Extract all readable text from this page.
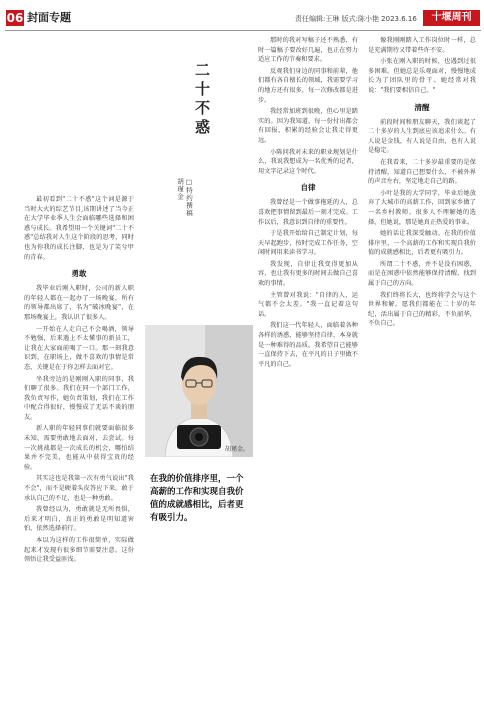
06 封面专题	责任编辑:王琳 版式:陈小艳 2023.6.16	十堰周刊

最初看到"二十不惑"这个词是源于当时大火的综艺节目,该期讲述了当今正在大学毕业季人生会面临哪些选择和困惑与成长。我希望用一个关键词"二十不惑"总结我对人生这个阶段的思考，同时也为你我的成长注脚，也是为了笑兮甲的青春。

勇敢

我毕业后刚入职时，公司的新人职的年轻人都在一起办了一场晚宴，所有的领导都出席了，名为"破冰晚宴"，在那场晚宴上，我认识了很多人。

一开始在人走自己不会喝酒，领导不勉强，后来遇上不太懂事的新员工，让我在大家面前喝了一口。那一刻我意识到，在职场上，做不喜欢的事情是常态，关键是在于你怎样去面对它。

坐我旁边的是刚刚入职的同事，我们聊了很多。我们在同一个部门工作，我负责写作，她负责策划，我们在工作中配合得很好，慢慢成了无话不谈的朋友。

新人职的年轻同事们就要面临很多未知，需要勇敢地去面对，去尝试。每一次挑战都是一次成长的机会，哪怕结果并不完美，也能从中获得宝贵的经验。

其实这也是我第一次有勇气说出"我不会"，而不是硬着头皮答应下来。敢于承认自己的不足，也是一种勇敢。

我曾经以为，勇敢就是无所畏惧，后来才明白，真正的勇敢是明知道害怕，依然选择前行。

本以为这样的工作很简单，实际做起来才发现有很多细节需要注意。这份领悟让我受益匪浅。

二十不惑
□特约撰稿
胡瑾金
胡瑾金。
在我的价值排序里，一个高薪的工作和实现自我价值的成就感相比，后者更有吸引力。

那时的我对写稿子还不熟悉，有时一篇稿子要改好几遍，也正在努力适应工作的节奏和要求。

反观我们身边的同事和前辈，他们都有各自擅长的领域，我需要学习的地方还有很多，每一次修改都是进步。

我经常加班到很晚，但心里是踏实的。因为我知道，每一份付出都会有回报，积累的经验会让我走得更远。

小陈问我对未来的职业规划是什么，我说我想成为一名优秀的记者，用文字记录这个时代。

自律

我曾经是一个做事拖延的人，总喜欢把事情留到最后一刻才完成。工作以后，我意识到自律的重要性。

于是我开始给自己制定计划，每天早起跑步，按时完成工作任务，空闲时间用来读书学习。

我发现，自律让我变得更加从容，也让我有更多的时间去做自己喜欢的事情。

主管曾对我说："自律的人，运气都不会太差。"我一直记着这句话。

我们这一代年轻人，面临着各种各样的诱惑，能够坚持自律，本身就是一种难得的品质。我希望自己能够一直保持下去，在平凡的日子里做不平凡的自己。

像我刚刚踏入工作岗位时一样，总是充满期待又带着些许不安。

小张在刚入职的时候，也遇到过很多困难。但她总是乐观面对，慢慢地成长为了团队里的骨干。她经常对我说："我们要相信自己。"

清醒

前段时间和朋友聊天，我们谈起了二十多岁的人生到底应该追求什么。有人说是金钱，有人说是自由，也有人说是稳定。

在我看来，二十多岁最重要的是保持清醒，知道自己想要什么，不被外界的声音左右，坚定地走自己的路。

小叶是我的大学同学，毕业后她放弃了大城市的高薪工作，回到家乡做了一名乡村教师。很多人不理解她的选择，但她说，那是她真正热爱的事业。

她的话让我深受触动。在我的价值排序里，一个高薪的工作和实现自我价值的成就感相比，后者更有吸引力。

所谓二十不惑，并不是没有困惑，而是在困惑中依然能够保持清醒，找到属于自己的方向。

我们终将长大，也终将学会与这个世界和解。愿我们都能在二十岁的年纪，活出属于自己的精彩，不负韶华，不负自己。
